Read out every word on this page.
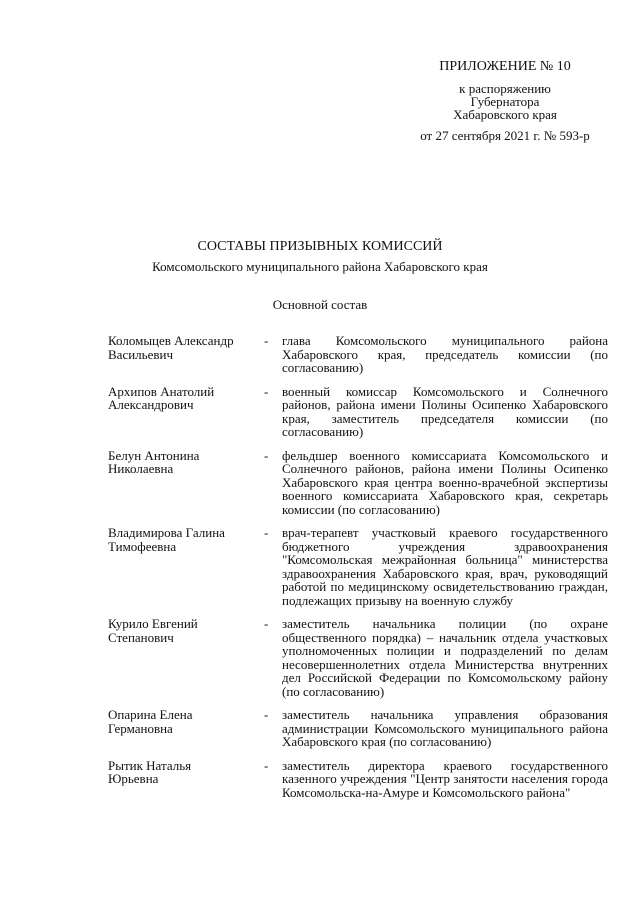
ПРИЛОЖЕНИЕ № 10
к распоряжению
Губернатора
Хабаровского края
от 27 сентября 2021 г. № 593-р
СОСТАВЫ ПРИЗЫВНЫХ КОМИССИЙ
Комсомольского муниципального района Хабаровского края
Основной состав
Коломыцев Александр
Васильевич
-	глава Комсомольского муниципального района Хабаровского края, председатель комиссии (по согласованию)
Архипов Анатолий
Александрович
-	военный комиссар Комсомольского и Солнечного районов, района имени Полины Осипенко Хабаровского края, заместитель председателя комиссии (по согласованию)
Белун Антонина
Николаевна
-	фельдшер военного комиссариата Комсомольского и Солнечного районов, района имени Полины Осипенко Хабаровского края центра военно-врачебной экспертизы военного комиссариата Хабаровского края, секретарь комиссии (по согласованию)
Владимирова Галина
Тимофеевна
-	врач-терапевт участковый краевого государственного бюджетного учреждения здравоохранения "Комсомольская межрайонная больница" министерства здравоохранения Хабаровского края, врач, руководящий работой по медицинскому освидетельствованию граждан, подлежащих призыву на военную службу
Курило Евгений
Степанович
-	заместитель начальника полиции (по охране общественного порядка) – начальник отдела участковых уполномоченных полиции и подразделений по делам несовершеннолетних отдела Министерства внутренних дел Российской Федерации по Комсомольскому району (по согласованию)
Опарина Елена
Германовна
-	заместитель начальника управления образования администрации Комсомольского муниципального района Хабаровского края (по согласованию)
Рытик Наталья
Юрьевна
-	заместитель директора краевого государственного казенного учреждения "Центр занятости населения города Комсомольска-на-Амуре и Комсомольского района"
